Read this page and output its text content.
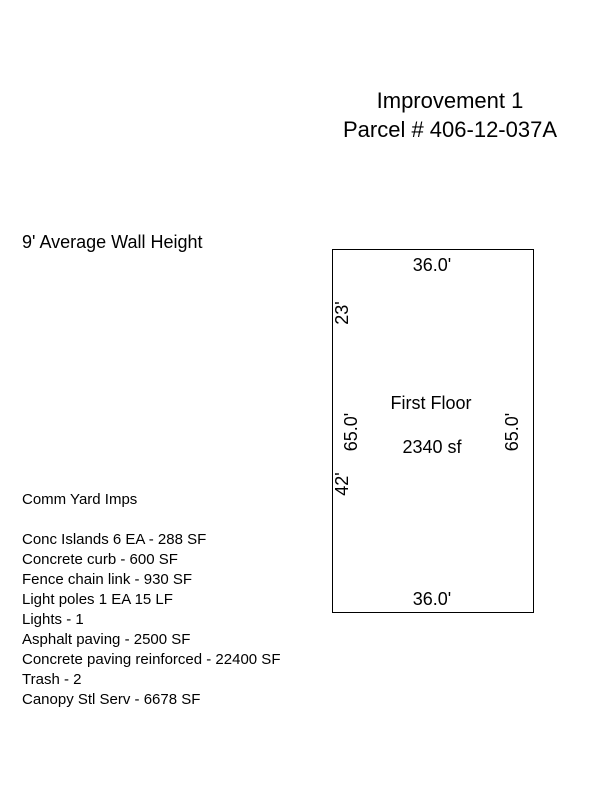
Improvement 1
Parcel # 406-12-037A
9' Average Wall Height
36.0'
36.0'
First Floor
2340 sf
65.0'	65.0'
23'
42'
Comm Yard Imps
Conc Islands 6 EA - 288 SF
Concrete curb - 600 SF
Fence chain link - 930 SF
Light poles 1 EA 15 LF
Lights - 1
Asphalt paving - 2500 SF
Concrete paving reinforced - 22400 SF
Trash - 2
Canopy Stl Serv - 6678 SF
